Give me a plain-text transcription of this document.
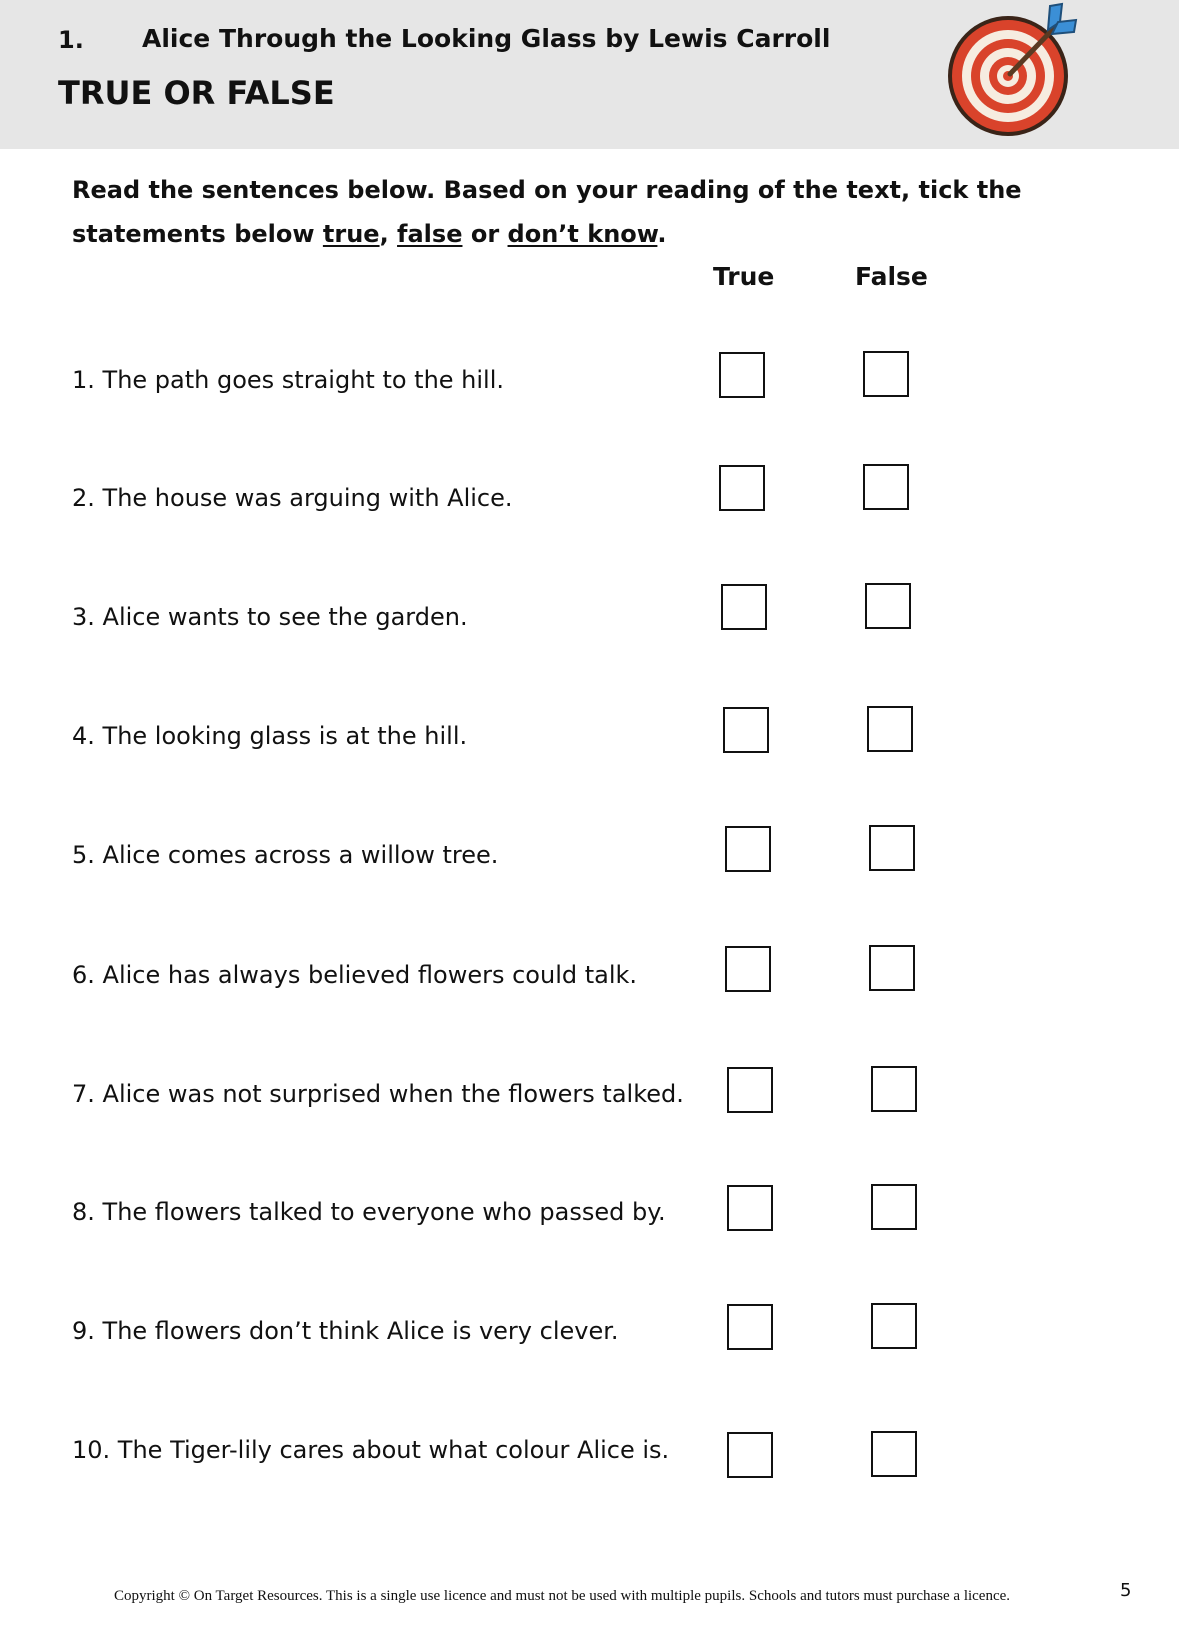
1. Alice Through the Looking Glass by Lewis Carroll
TRUE OR FALSE
Read the sentences below. Based on your reading of the text, tick the statements below true, false or don’t know.
True	False
1. The path goes straight to the hill.
2. The house was arguing with Alice.
3. Alice wants to see the garden.
4. The looking glass is at the hill.
5. Alice comes across a willow tree.
6. Alice has always believed flowers could talk.
7. Alice was not surprised when the flowers talked.
8. The flowers talked to everyone who passed by.
9. The flowers don’t think Alice is very clever.
10. The Tiger-lily cares about what colour Alice is.
Copyright © On Target Resources. This is a single use licence and must not be used with multiple pupils. Schools and tutors must purchase a licence.	5
